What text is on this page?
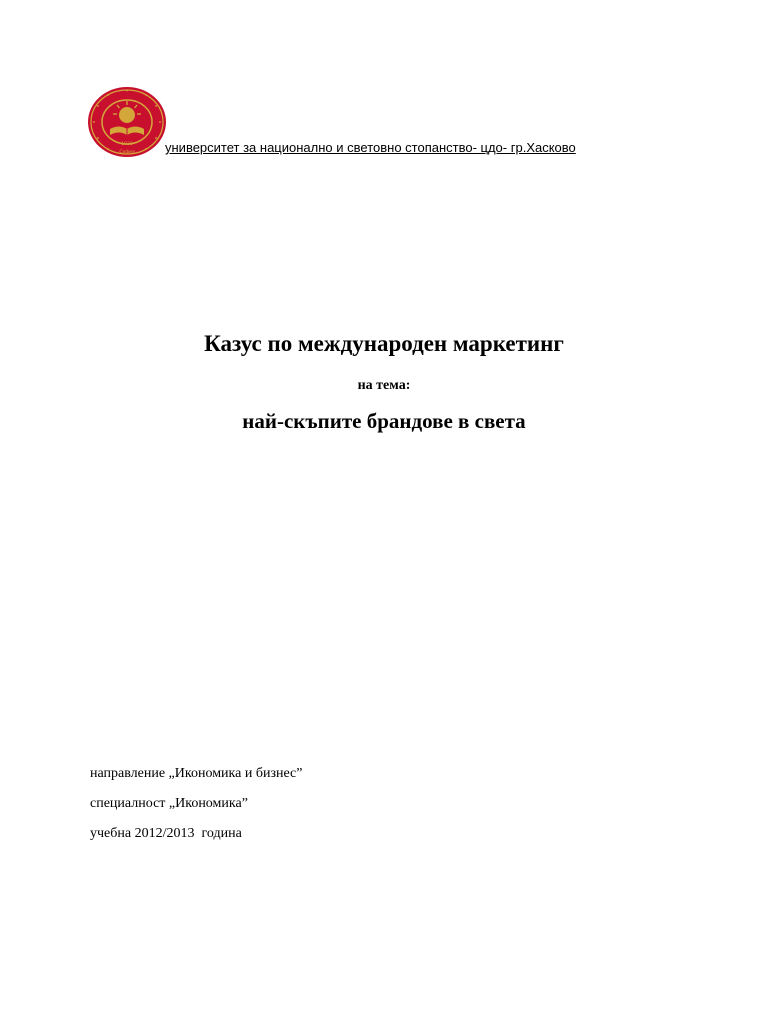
1920
София университет за национално и световно стопанство- цдо- гр.Хасково
Казус по международен маркетинг
на тема:
най-скъпите брандове в света
направление „Икономика и бизнес”
специалност „Икономика”
учебна 2012/2013  година
